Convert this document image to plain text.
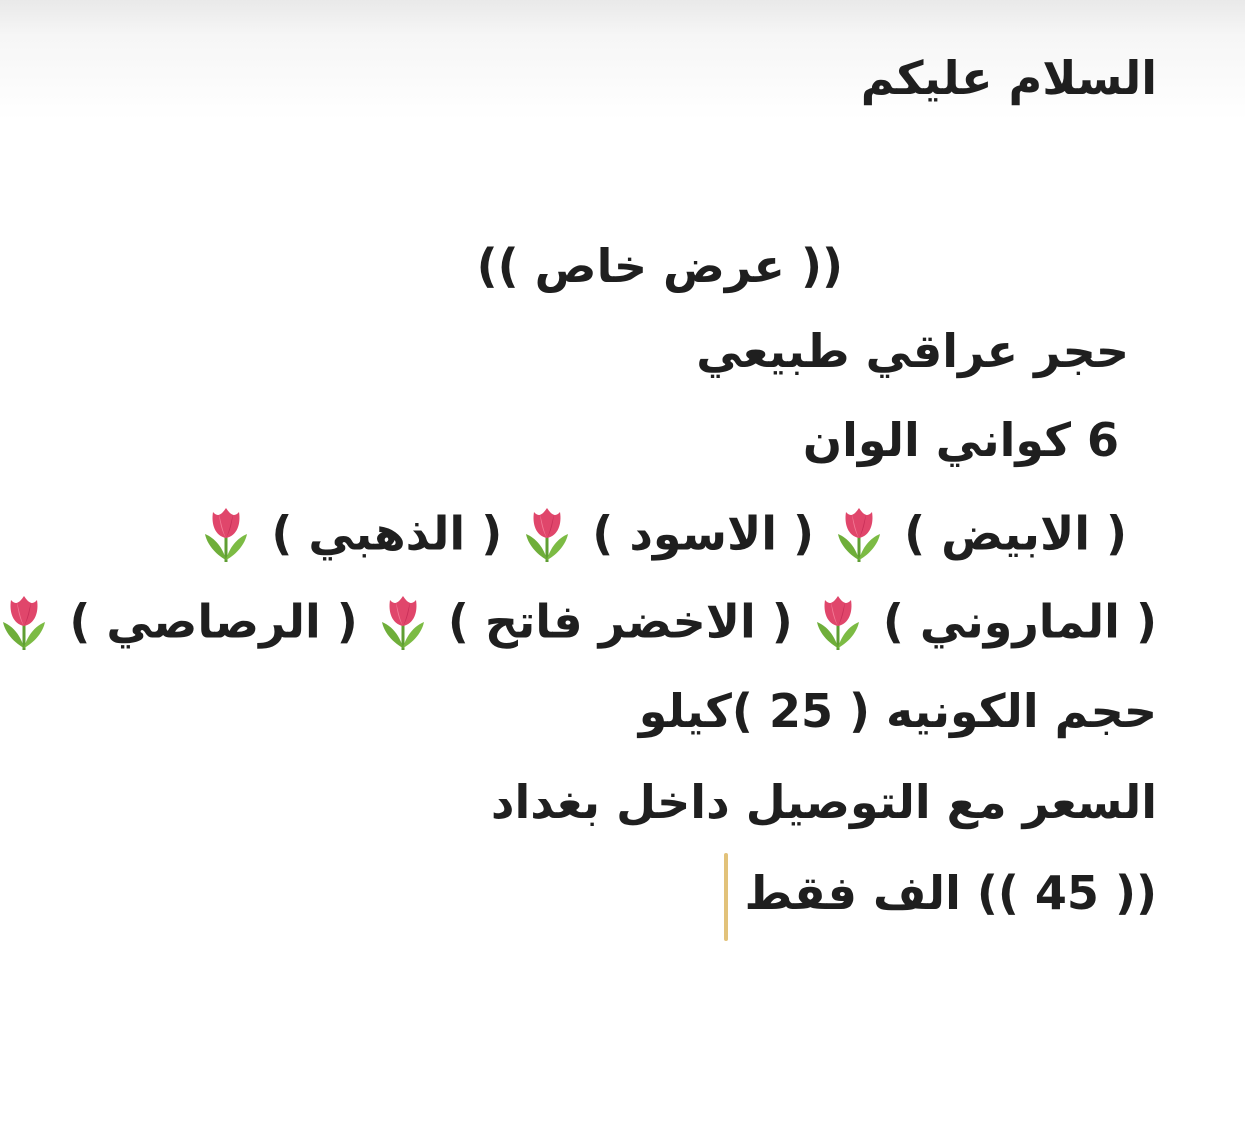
السلام عليكم
(( عرض خاص ))
حجر عراقي طبيعي
6 كواني الوان
( الابيض )  ( الاسود )  ( الذهبي )
( الماروني )  ( الاخضر فاتح )  ( الرصاصي )
حجم الكونيه ( 25 )كيلو
السعر مع التوصيل داخل بغداد
(( 45 )) الف فقط
